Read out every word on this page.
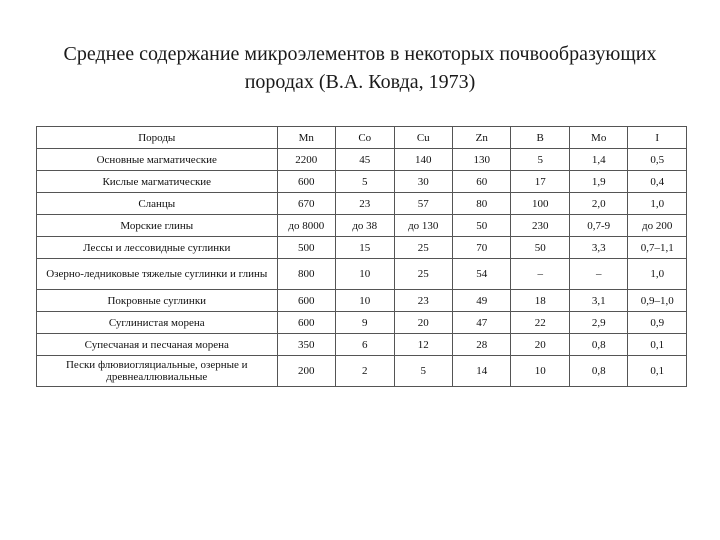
Среднее содержание микроэлементов в некоторых почвообразующих
породах (В.А. Ковда, 1973)
Породы	Mn	Co	Cu	Zn	B	Mo	I
Основные магматические	2200	45	140	130	5	1,4	0,5
Кислые магматические	600	5	30	60	17	1,9	0,4
Сланцы	670	23	57	80	100	2,0	1,0
Морские глины	до 8000	до 38	до 130	50	230	0,7-9	до 200
Лессы и лессовидные суглинки	500	15	25	70	50	3,3	0,7–1,1
Озерно-ледниковые тяжелые суглинки и глины	800	10	25	54	–	–	1,0
Покровные суглинки	600	10	23	49	18	3,1	0,9–1,0
Суглинистая морена	600	9	20	47	22	2,9	0,9
Супесчаная и песчаная морена	350	6	12	28	20	0,8	0,1
Пески флювиогляциальные, озерные и древнеаллювиальные	200	2	5	14	10	0,8	0,1
